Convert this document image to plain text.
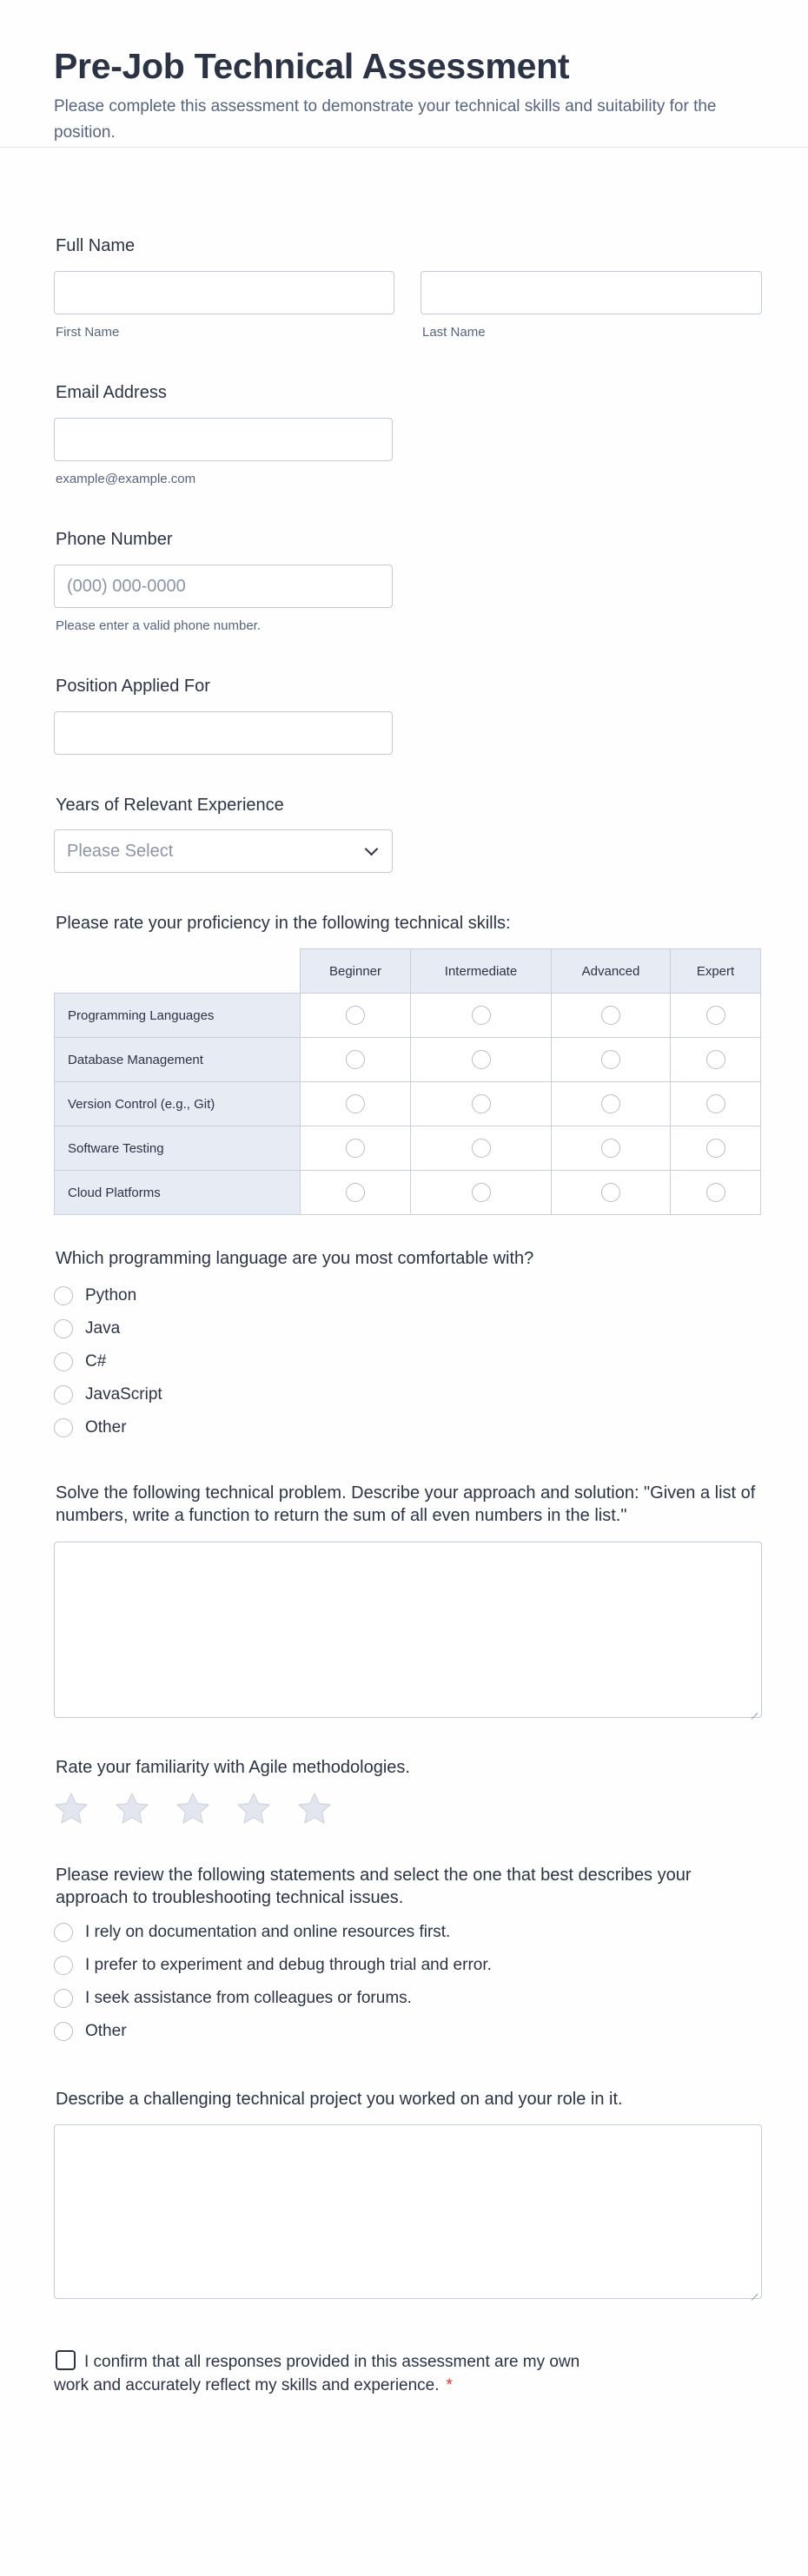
Pre-Job Technical Assessment
Please complete this assessment to demonstrate your technical skills and suitability for the position.

Full Name

First Name	Last Name

Email Address

example@example.com

Phone Number

(000) 000-0000
Please enter a valid phone number.

Position Applied For

Years of Relevant Experience

Please Select

Please rate your proficiency in the following technical skills:

	Beginner	Intermediate	Advanced	Expert
Programming Languages				
Database Management				
Version Control (e.g., Git)				
Software Testing				
Cloud Platforms				

Which programming language are you most comfortable with?

Python
Java
C#
JavaScript
Other

Solve the following technical problem. Describe your approach and solution: "Given a list of numbers, write a function to return the sum of all even numbers in the list."

Rate your familiarity with Agile methodologies.

Please review the following statements and select the one that best describes your approach to troubleshooting technical issues.

I rely on documentation and online resources first.
I prefer to experiment and debug through trial and error.
I seek assistance from colleagues or forums.
Other

Describe a challenging technical project you worked on and your role in it.

I confirm that all responses provided in this assessment are my own
work and accurately reflect my skills and experience. *
